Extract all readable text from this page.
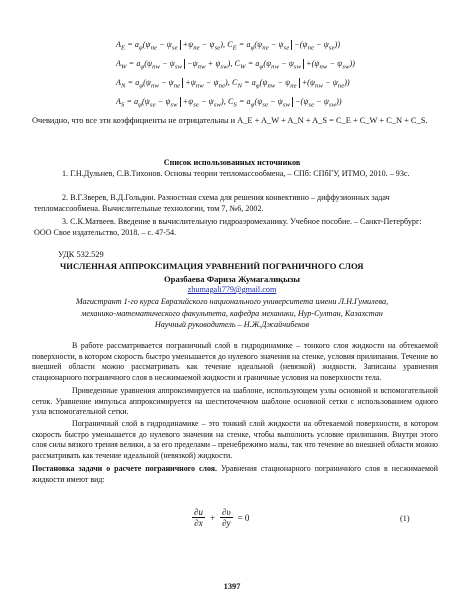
$A_E = a_\varphi(\psi_{ne} - \psi_{se} +\psi_{ne} - \psi_{se})$, $C_E = a_\varphi(\psi_{ne} - \psi_{se} -(\psi_{ne} - \psi_{se}))$
$A_W = a_\varphi(\psi_{nw} - \psi_{sw} -\psi_{nw} + \psi_{sw})$, $C_W = a_\varphi(\psi_{nw} - \psi_{sw} +(\psi_{nw} - \psi_{sw}))$
$A_N = a_\varphi(\psi_{nw} - \psi_{ne} +\psi_{nw} - \psi_{ne})$, $C_N = a_\varphi(\psi_{nw} - \psi_{ne} +(\psi_{nw} - \psi_{ne}))$
$A_S = a_\varphi(\psi_{se} - \psi_{sw} +\psi_{se} - \psi_{sw})$, $C_S = a_\varphi(\psi_{se} - \psi_{sw} -(\psi_{se} - \psi_{sw}))$
Очевидно, что все эти коэффициенты не отрицательны и A_E + A_W + A_N + A_S = C_E + C_W + C_N + C_S.
Список использованных источников
1. Г.Н.Дульнев, С.В.Тихонов. Основы теории тепломассообмена, – СПб: СПбГУ, ИТМО, 2010. – 93с.
2. В.Г.Зверев, В.Д.Гольдин. Разностная схема для решения конвективно – диффузионных задач тепломассообмена. Вычислительные технологии, том 7, №6, 2002.
3. С.К.Матвеев. Введение в вычислительную гидроаэромеханику. Учебное пособие. – Санкт-Петербург: ООО Свое издательство, 2018. – с. 47-54.
УДК 532.529
ЧИСЛЕННАЯ АППРОКСИМАЦИЯ УРАВНЕНИЙ ПОГРАНИЧНОГО СЛОЯ
Оразбаева Фариза Жумагалиқызы
zhumagali779@gmail.com
Магистрант 1-го курса Евразийского национального университета имени Л.Н.Гумилева,
механико-математического факультета, кафедра механики, Нур-Султан, Казахстан
Научный руководитель – Н.Ж.Джайчибеков
В работе рассматривается пограничный слой в гидродинамике – тонкого слоя жидкости на обтекаемой поверхности, в котором скорость быстро уменьшается до нулевого значения на стенке, условия прилипания. Течение во внешней области можно рассматривать как течение идеальной (невязкой) жидкости. Записаны уравнения стационарного пограничного слоя в несжимаемой жидкости и граничные условия на поверхности тела.
Приведенные уравнения аппроксимируется на шаблоне, использующем узлы основной и вспомогательной сеток. Уравнение импульса аппроксимируется на шеститочечном шаблоне основной сетки с использованием одного узла вспомогательной сетки.
Пограничный слой в гидродинамике – это тонкий слой жидкости на обтекаемой поверхности, в котором скорость быстро уменьшается до нулевого значения на стенке, чтобы выполнить условие прилипания. Внутри этого слоя силы вязкого трения велики, а за его пределами – пренебрежимо малы, так что течение во внешней области можно рассматривать как течение идеальной (невязкой) жидкости.
Постановка задачи о расчете пограничного слоя. Уравнения стационарного пограничного слоя в несжимаемой жидкости имеют вид:
$\frac{\partial u}{\partial x} + \frac{\partial\upsilon}{\partial y} = 0$	(1)
1397
